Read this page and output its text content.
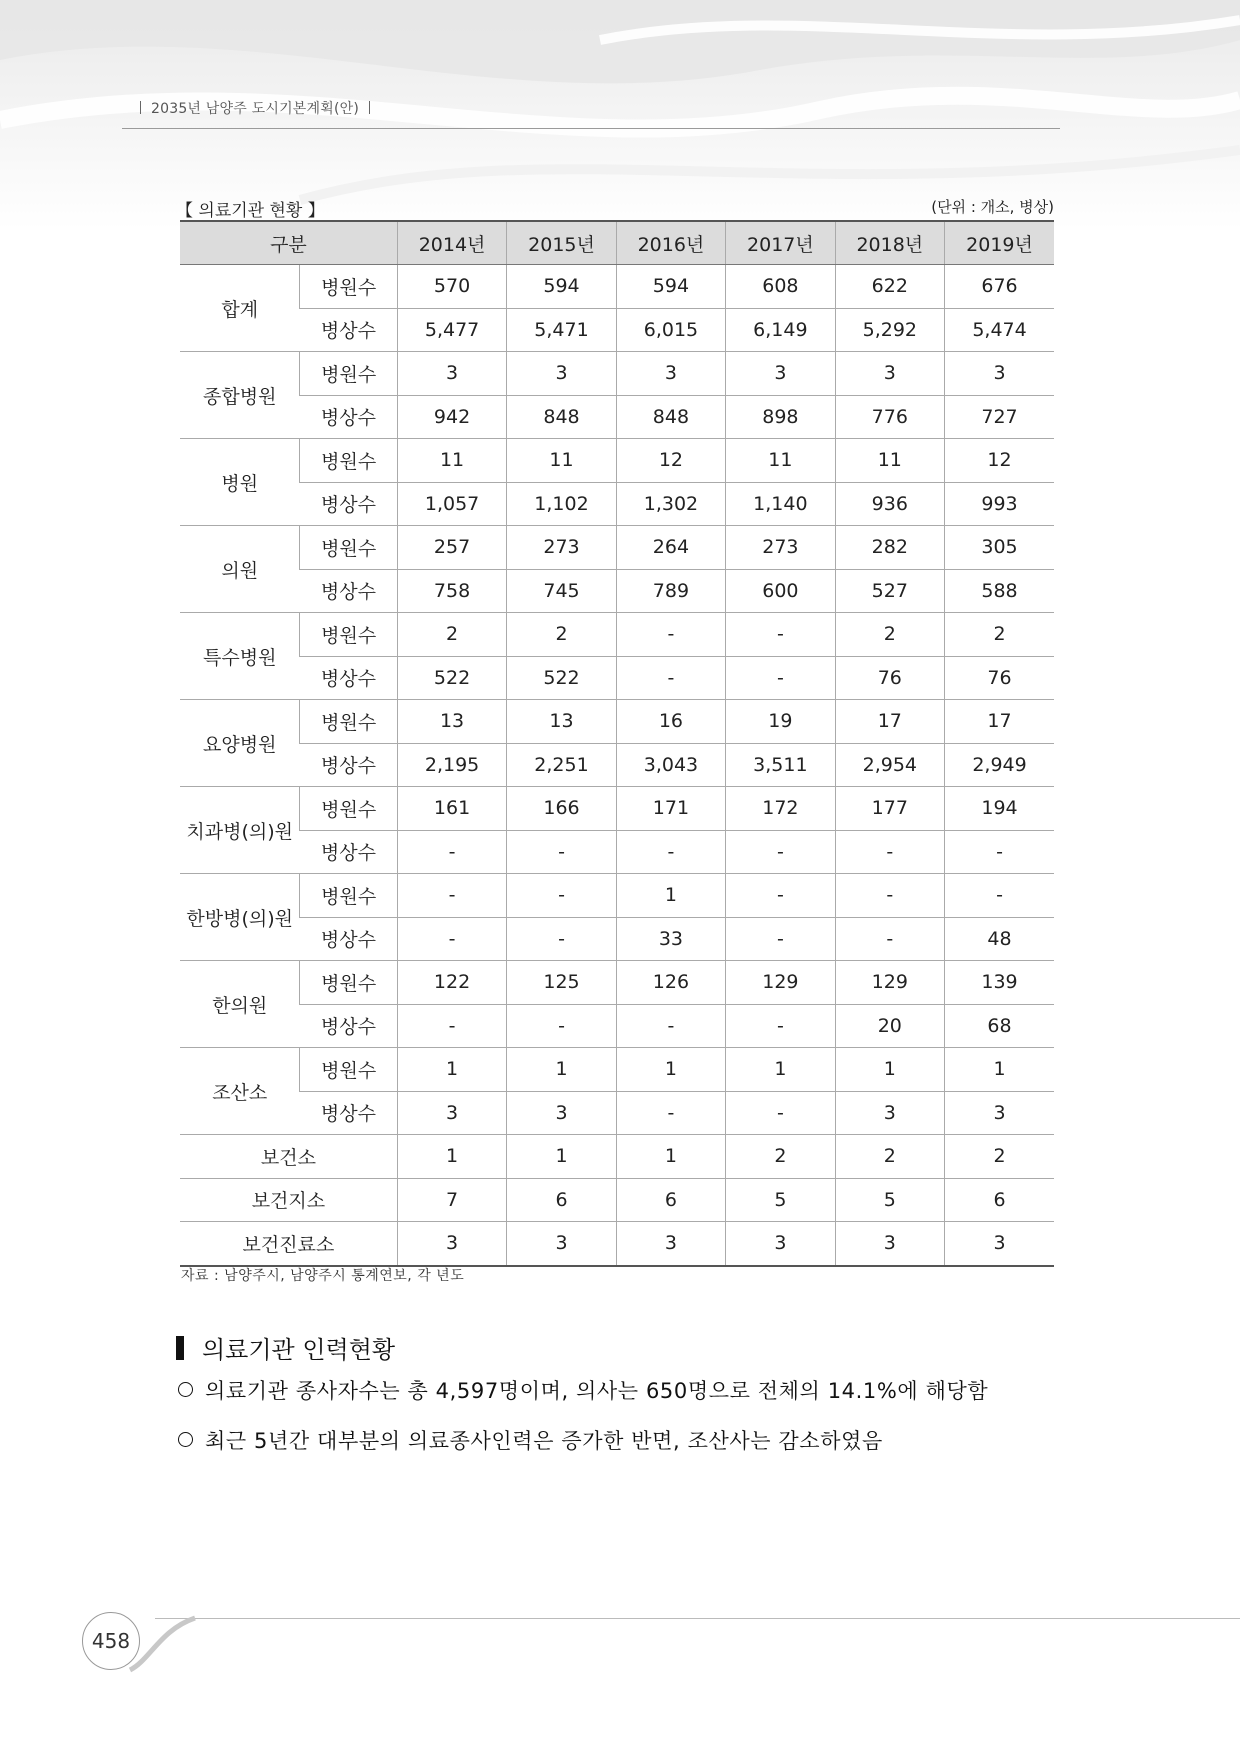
2035년 남양주 도시기본계획(안)
【 의료기관 현황 】	(단위 : 개소, 병상)
구분		2014년	2015년	2016년	2017년	2018년	2019년
합계	병원수	570	594	594	608	622	676
	병상수	5,477	5,471	6,015	6,149	5,292	5,474
종합병원	병원수	3	3	3	3	3	3
	병상수	942	848	848	898	776	727
병원	병원수	11	11	12	11	11	12
	병상수	1,057	1,102	1,302	1,140	936	993
의원	병원수	257	273	264	273	282	305
	병상수	758	745	789	600	527	588
특수병원	병원수	2	2	-	-	2	2
	병상수	522	522	-	-	76	76
요양병원	병원수	13	13	16	19	17	17
	병상수	2,195	2,251	3,043	3,511	2,954	2,949
치과병(의)원	병원수	161	166	171	172	177	194
	병상수	-	-	-	-	-	-
한방병(의)원	병원수	-	-	1	-	-	-
	병상수	-	-	33	-	-	48
한의원	병원수	122	125	126	129	129	139
	병상수	-	-	-	-	20	68
조산소	병원수	1	1	1	1	1	1
	병상수	3	3	-	-	3	3
보건소		1	1	1	2	2	2
보건지소		7	6	6	5	5	6
보건진료소		3	3	3	3	3	3
자료 : 남양주시, 남양주시 통계연보, 각 년도
의료기관 인력현황
의료기관 종사자수는 총 4,597명이며, 의사는 650명으로 전체의 14.1%에 해당함
최근 5년간 대부분의 의료종사인력은 증가한 반면, 조산사는 감소하였음
458
